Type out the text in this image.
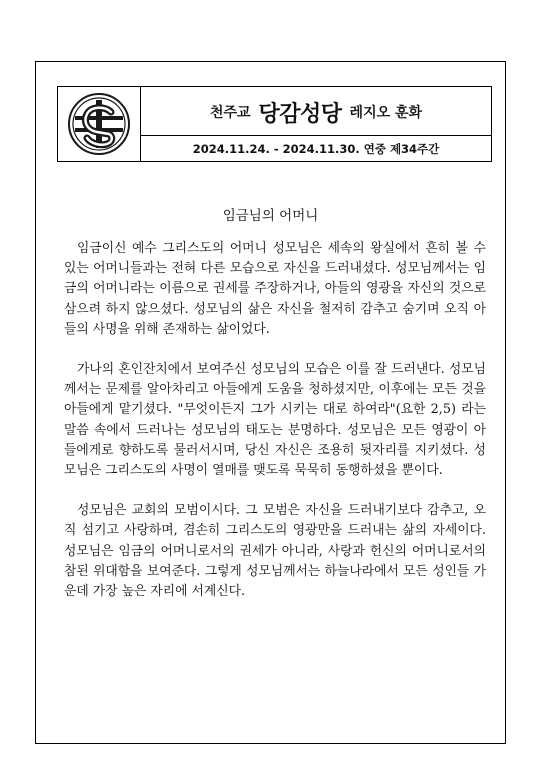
천주교 당감성당 레지오 훈화
2024.11.24. - 2024.11.30. 연중 제34주간
임금님의 어머니

임금이신 예수 그리스도의 어머니 성모님은 세속의 왕실에서 흔히 볼 수 있는 어머니들과는 전혀 다른 모습으로 자신을 드러내셨다. 성모님께서는 임금의 어머니라는 이름으로 권세를 주장하거나, 아들의 영광을 자신의 것으로 삼으려 하지 않으셨다. 성모님의 삶은 자신을 철저히 감추고 숨기며 오직 아들의 사명을 위해 존재하는 삶이었다.

가나의 혼인잔치에서 보여주신 성모님의 모습은 이를 잘 드러낸다. 성모님께서는 문제를 알아차리고 아들에게 도움을 청하셨지만, 이후에는 모든 것을 아들에게 맡기셨다. "무엇이든지 그가 시키는 대로 하여라"(요한 2,5) 라는 말씀 속에서 드러나는 성모님의 태도는 분명하다. 성모님은 모든 영광이 아들에게로 향하도록 물러서시며, 당신 자신은 조용히 뒷자리를 지키셨다. 성모님은 그리스도의 사명이 열매를 맺도록 묵묵히 동행하셨을 뿐이다.

성모님은 교회의 모범이시다. 그 모범은 자신을 드러내기보다 감추고, 오직 섬기고 사랑하며, 겸손히 그리스도의 영광만을 드러내는 삶의 자세이다. 성모님은 임금의 어머니로서의 권세가 아니라, 사랑과 헌신의 어머니로서의 참된 위대함을 보여준다. 그렇게 성모님께서는 하늘나라에서 모든 성인들 가운데 가장 높은 자리에 서계신다.
